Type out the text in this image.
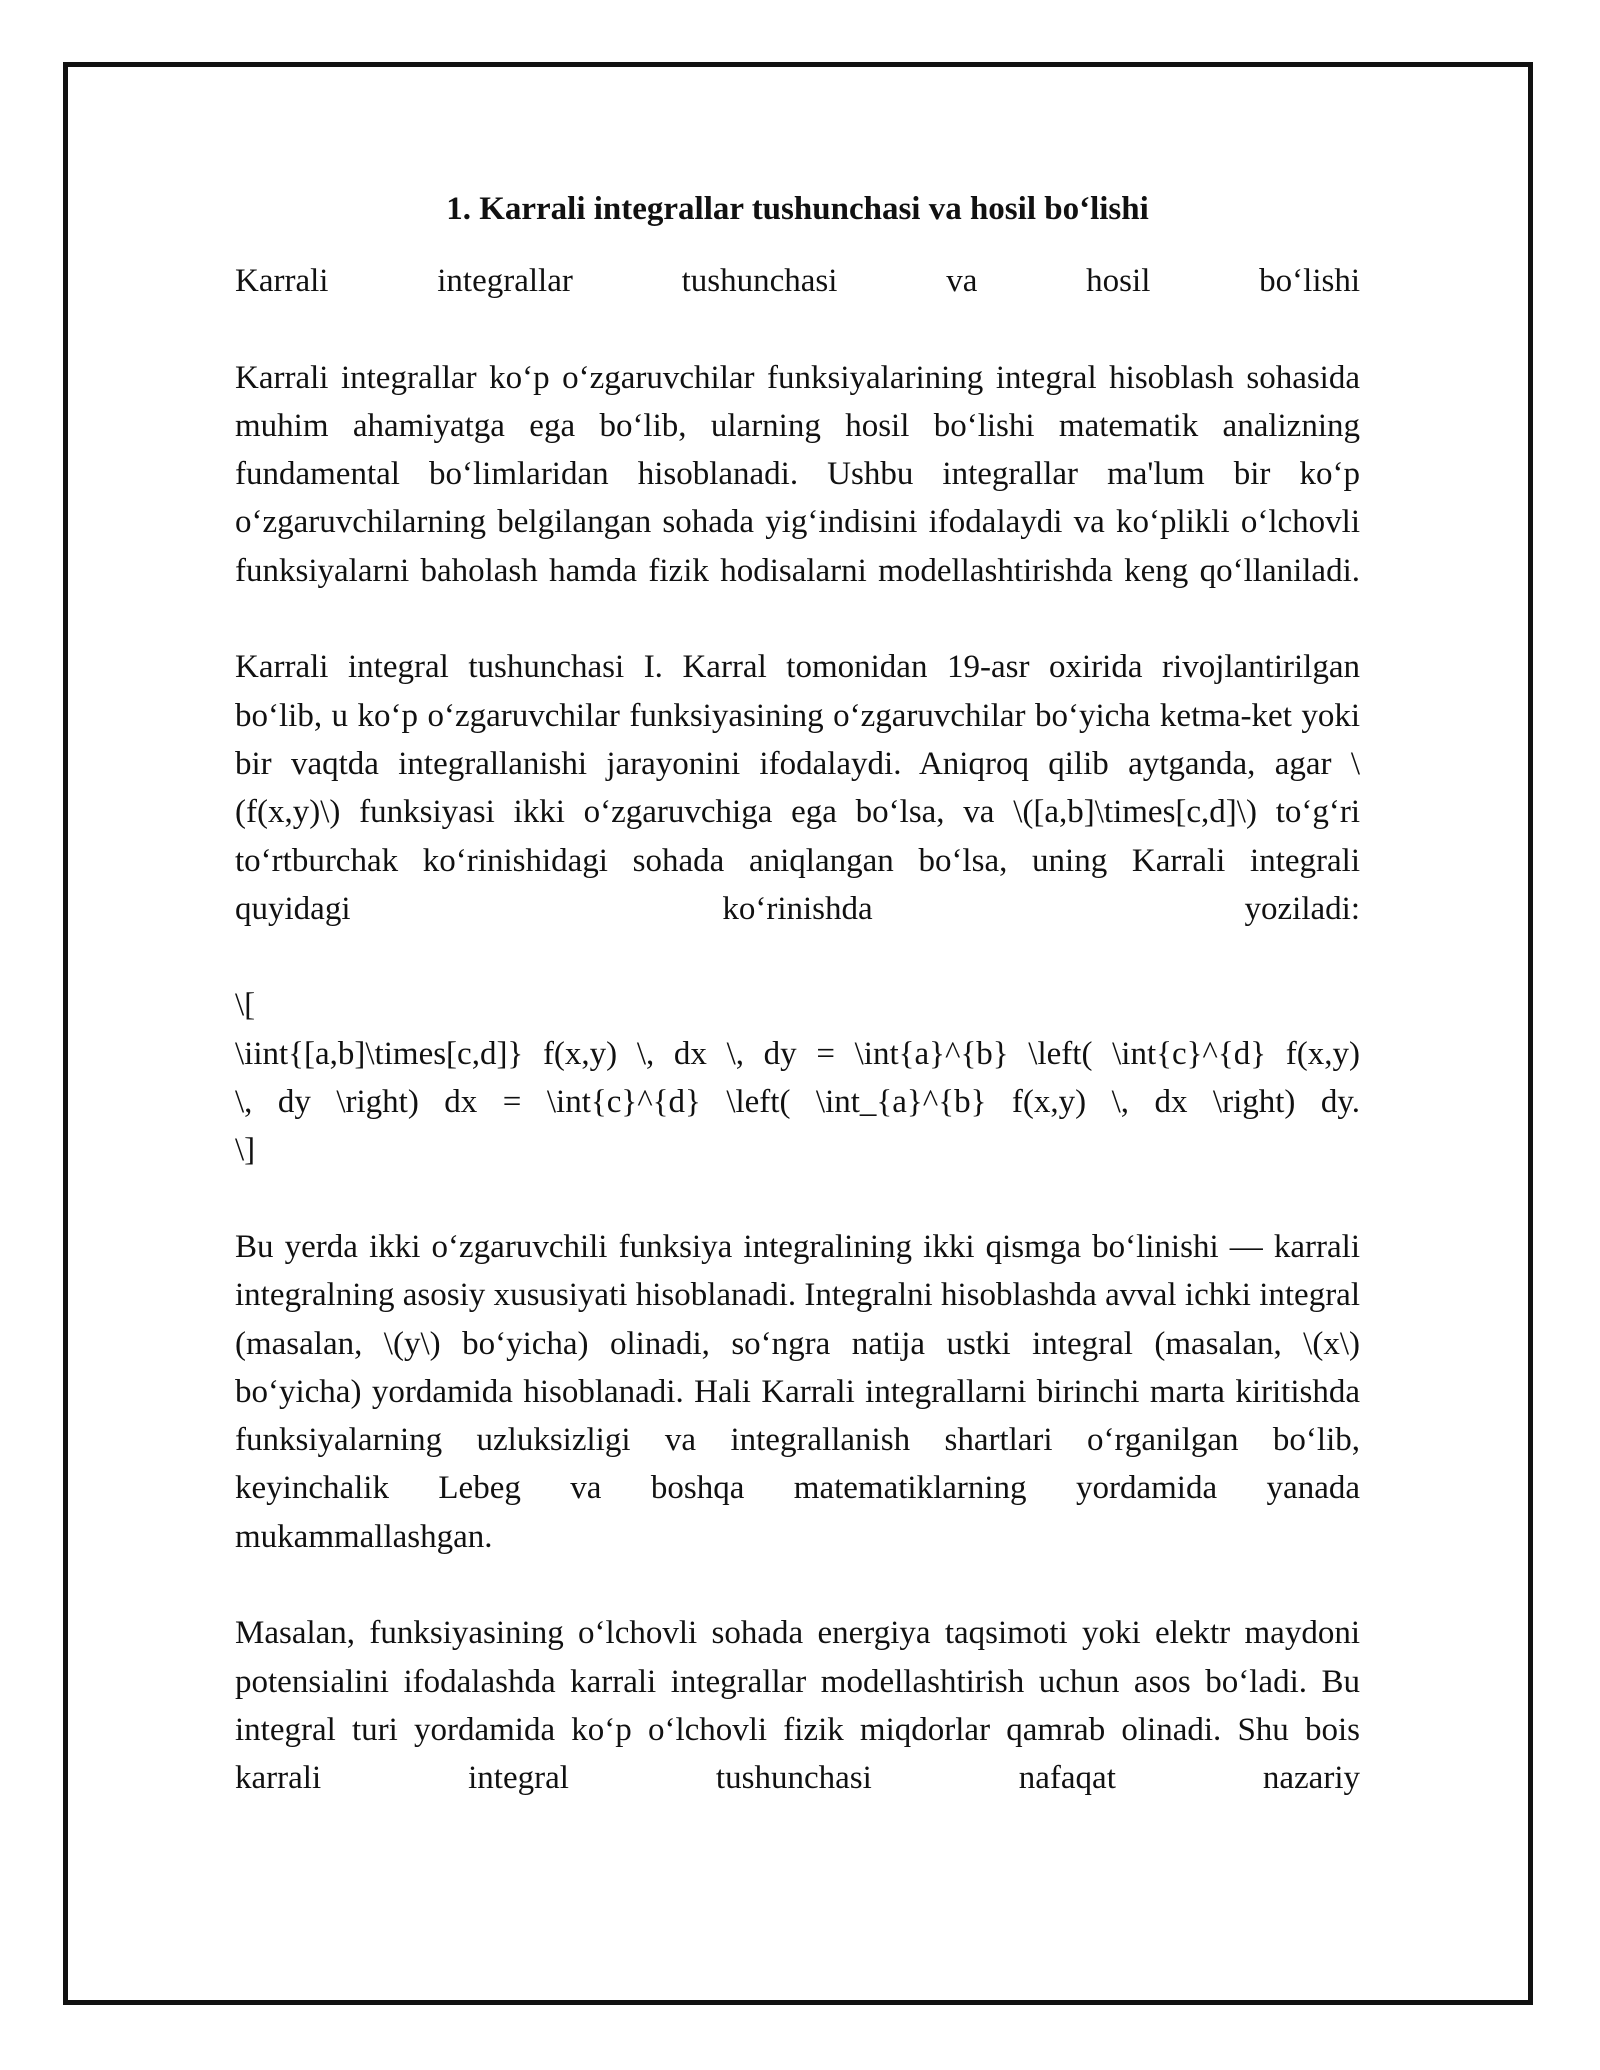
1. Karrali integrallar tushunchasi va hosil bo‘lishi

Karrali integrallar tushunchasi va hosil bo‘lishi

Karrali integrallar ko‘p o‘zgaruvchilar funksiyalarining integral hisoblash sohasida muhim ahamiyatga ega bo‘lib, ularning hosil bo‘lishi matematik analizning fundamental bo‘limlaridan hisoblanadi. Ushbu integrallar ma'lum bir ko‘p o‘zgaruvchilarning belgilangan sohada yig‘indisini ifodalaydi va ko‘plikli o‘lchovli funksiyalarni baholash hamda fizik hodisalarni modellashtirishda keng qo‘llaniladi.

Karrali integral tushunchasi I. Karral tomonidan 19-asr oxirida rivojlantirilgan bo‘lib, u ko‘p o‘zgaruvchilar funksiyasining o‘zgaruvchilar bo‘yicha ketma-ket yoki bir vaqtda integrallanishi jarayonini ifodalaydi. Aniqroq qilib aytganda, agar \(f(x,y)\) funksiyasi ikki o‘zgaruvchiga ega bo‘lsa, va \([a,b]\times[c,d]\) to‘g‘ri to‘rtburchak ko‘rinishidagi sohada aniqlangan bo‘lsa, uning Karrali integrali quyidagi ko‘rinishda yoziladi:

\[
\iint{[a,b]\times[c,d]} f(x,y) \, dx \, dy = \int{a}^{b} \left( \int{c}^{d} f(x,y)
\, dy \right) dx = \int{c}^{d} \left( \int_{a}^{b} f(x,y) \, dx \right) dy.
\]

Bu yerda ikki o‘zgaruvchili funksiya integralining ikki qismga bo‘linishi — karrali integralning asosiy xususiyati hisoblanadi. Integralni hisoblashda avval ichki integral (masalan, \(y\) bo‘yicha) olinadi, so‘ngra natija ustki integral (masalan, \(x\) bo‘yicha) yordamida hisoblanadi. Hali Karrali integrallarni birinchi marta kiritishda funksiyalarning uzluksizligi va integrallanish shartlari o‘rganilgan bo‘lib, keyinchalik Lebeg va boshqa matematiklarning yordamida yanada mukammallashgan.

Masalan, funksiyasining o‘lchovli sohada energiya taqsimoti yoki elektr maydoni potensialini ifodalashda karrali integrallar modellashtirish uchun asos bo‘ladi. Bu integral turi yordamida ko‘p o‘lchovli fizik miqdorlar qamrab olinadi. Shu bois karrali integral tushunchasi nafaqat nazariy
